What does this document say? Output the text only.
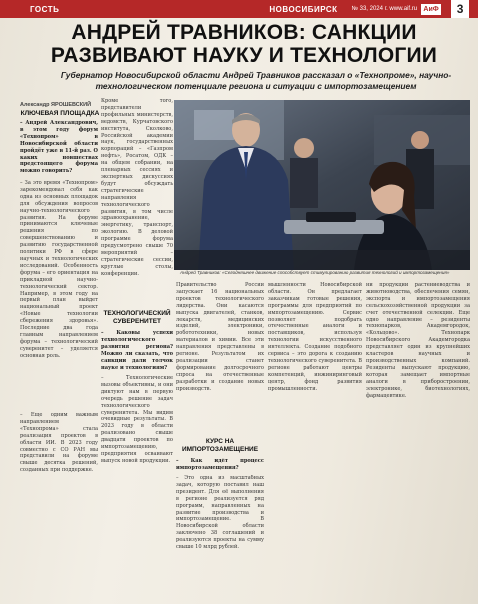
ГОСТЬ	НОВОСИБИРСК № 33, 2024 г. www.aif.ru АиФ	3
АНДРЕЙ ТРАВНИКОВ: САНКЦИИ
РАЗВИВАЮТ НАУКУ И ТЕХНОЛОГИИ
Губернатор Новосибирской области Андрей Травников рассказал о «Технопроме», научно-технологическом потенциале региона и ситуации с импортозамещением
Александр ЯРОШЕВСКИЙ
КЛЮЧЕВАЯ ПЛОЩАДКА
– Андрей Александрович, в этом году форум «Технопром» в Новосибирской области пройдёт уже в 11-й раз. О каких новшествах предстоящего форума можно говорить?
– За это время «Технопром» зарекомендовал себя как одна из основных площадок для обсуждения вопросов научно-технологического развития. На форуме принимаются ключевые решения по совершенствованию и развитию государственной политики РФ в сфере научных и технологических исследований. Особенность форума – его ориентация на прикладной научно-технологический сектор. Например, в этом году на первый план выйдет национальный проект «Новые технологии сбережения здоровья». Последние два года главным направлением форума – технологический суверенитет – уделяется основная роль.
– Еще одним важным направлением «Технопрома» стала реализация проектов в области ИИ. В 2023 году совместно с СО РАН мы представили на форуме свыше десятка решений, созданных при поддержке.
Кроме того, представители профильных министерств, ведомств, Курчатовского института, Сколково, Российской академии наук, государственных корпораций – «Газпром нефть», Росатом, ОДК – на общем собрании, на пленарных сессиях и экспертных дискуссиях будут обсуждать стратегические направления технологического развития, в том числе здравоохранение, энергетику, транспорт, экологию. В деловой программе форума предусмотрено свыше 70 мероприятий – стратегические сессии, круглые столы, конференции.
ТЕХНОЛОГИЧЕСКИЙ СУВЕРЕНИТЕТ
– Каковы успехи технологического развития региона? Можно ли сказать, что санкции дали толчок науке и технологиям?
– Технологические вызовы объективны, и они диктуют нам в первую очередь решение задач технологического суверенитета. Мы видим очевидные результаты. В 2023 году в области реализовано свыше двадцати проектов по импортозамещению, предприятия осваивают выпуск новой продукции.
Андрей Травников: «Сегодняшнее движение способствует стимулированию развития технологий и импортозамещения»
Правительство России запускает 16 национальных проектов технологического лидерства. Они касаются выпуска двигателей, станков, лекарств, медицинских изделий, электроники, робототехники, новых материалов и химии. Все эти направления представлены в регионе. Результатом их реализации станет формирование долгосрочного спроса на отечественные разработки и создание новых производств.
КУРС НА ИМПОРТОЗАМЕЩЕНИЕ
– Как идёт процесс импортозамещения?
– Это одна из масштабных задач, которую поставил наш президент. Для её выполнения в регионе реализуется ряд программ, направленных на развитие производства и импортозамещение. В Новосибирской области заключено 38 соглашений и реализуются проекты на сумму свыше 10 млрд рублей.
мышленности Новосибирской области. Он предлагает заказчикам готовые решения, программы для предприятий по импортозамещению. Сервис позволяет подобрать отечественные аналоги и поставщиков, используя технологии искусственного интеллекта. Создание подобного сервиса – это дорога к созданию технологического суверенитета. В регионе работают центры компетенций, инжиниринговый центр, фонд развития промышленности.
ни продукции растениеводства и животноводства, обеспечения семян, экспорта и импортозамещения сельскохозяйственной продукции за счет отечественной селекции. Еще одно направление – резиденты технопарков, Академгородок, «Кольцово». Технопарк Новосибирского Академгородка представляет один из крупнейших кластеров научных и производственных компаний. Резиденты выпускают продукцию, которая замещает импортные аналоги в приборостроении, электронике, биотехнологиях, фармацевтике.
